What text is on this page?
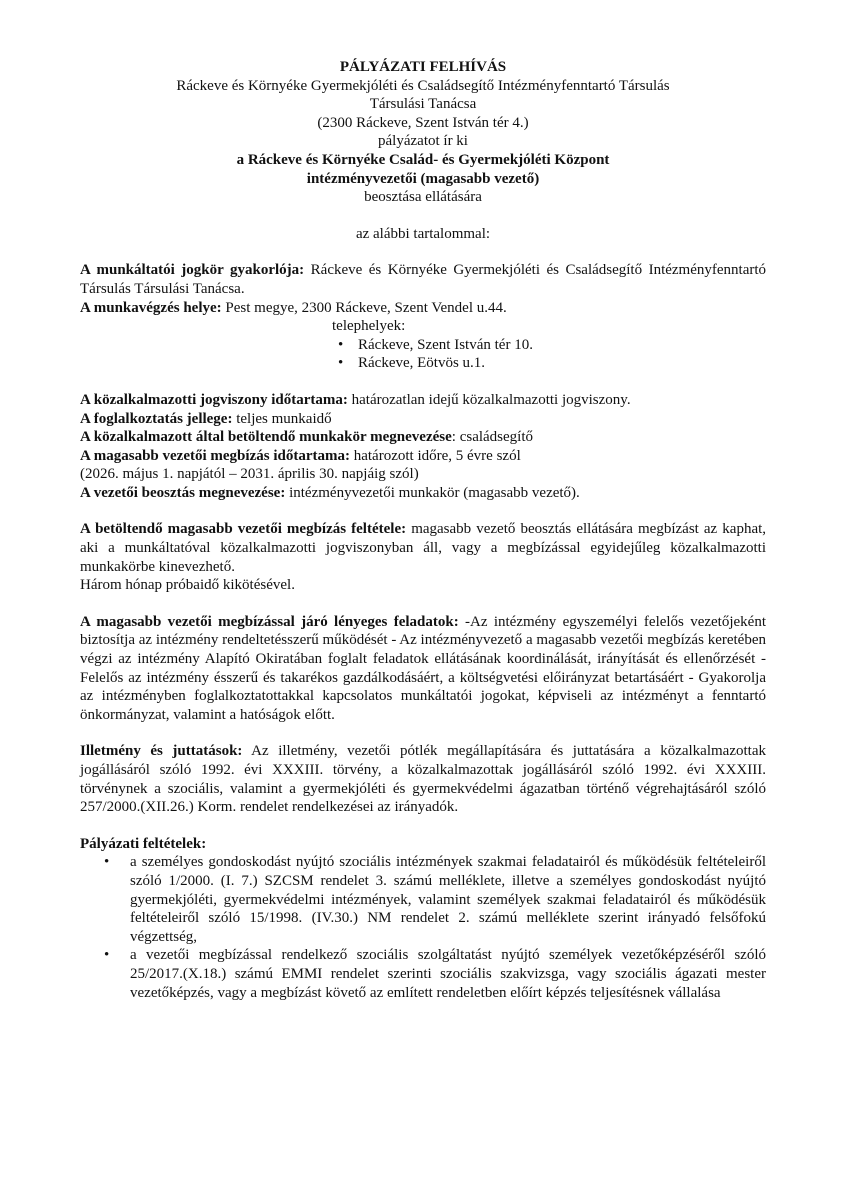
PÁLYÁZATI FELHÍVÁS

Ráckeve és Környéke Gyermekjóléti és Családsegítő Intézményfenntartó Társulás

Társulási Tanácsa

(2300 Ráckeve, Szent István tér 4.)

pályázatot ír ki

a Ráckeve és Környéke Család- és Gyermekjóléti Központ

intézményvezetői (magasabb vezető)

beosztása ellátására

az alábbi tartalommal:

A munkáltatói jogkör gyakorlója: Ráckeve és Környéke Gyermekjóléti és Családsegítő Intézményfenntartó Társulás Társulási Tanácsa.

A munkavégzés helye: Pest megye, 2300 Ráckeve, Szent Vendel u.44.

telephelyek:

• Ráckeve, Szent István tér 10.
• Ráckeve, Eötvös u.1.

A közalkalmazotti jogviszony időtartama: határozatlan idejű közalkalmazotti jogviszony.

A foglalkoztatás jellege: teljes munkaidő

A közalkalmazott által betöltendő munkakör megnevezése: családsegítő

A magasabb vezetői megbízás időtartama: határozott időre, 5 évre szól

(2026. május 1. napjától – 2031. április 30. napjáig szól)

A vezetői beosztás megnevezése: intézményvezetői munkakör (magasabb vezető).

A betöltendő magasabb vezetői megbízás feltétele: magasabb vezető beosztás ellátására megbízást az kaphat, aki a munkáltatóval közalkalmazotti jogviszonyban áll, vagy a megbízással egyidejűleg közalkalmazotti munkakörbe kinevezhető.

Három hónap próbaidő kikötésével.

A magasabb vezetői megbízással járó lényeges feladatok: -Az intézmény egyszemélyi felelős vezetőjeként biztosítja az intézmény rendeltetésszerű működését - Az intézményvezető a magasabb vezetői megbízás keretében végzi az intézmény Alapító Okiratában foglalt feladatok ellátásának koordinálását, irányítását és ellenőrzését - Felelős az intézmény ésszerű és takarékos gazdálkodásáért, a költségvetési előirányzat betartásáért - Gyakorolja az intézményben foglalkoztatottakkal kapcsolatos munkáltatói jogokat, képviseli az intézményt a fenntartó önkormányzat, valamint a hatóságok előtt.

Illetmény és juttatások: Az illetmény, vezetői pótlék megállapítására és juttatására a közalkalmazottak jogállásáról szóló 1992. évi XXXIII. törvény, a közalkalmazottak jogállásáról szóló 1992. évi XXXIII. törvénynek a szociális, valamint a gyermekjóléti és gyermekvédelmi ágazatban történő végrehajtásáról szóló 257/2000.(XII.26.) Korm. rendelet rendelkezései az irányadók.

Pályázati feltételek:

• a személyes gondoskodást nyújtó szociális intézmények szakmai feladatairól és működésük feltételeiről szóló 1/2000. (I. 7.) SZCSM rendelet 3. számú melléklete, illetve a személyes gondoskodást nyújtó gyermekjóléti, gyermekvédelmi intézmények, valamint személyek szakmai feladatairól és működésük feltételeiről szóló 15/1998. (IV.30.) NM rendelet 2. számú melléklete szerint irányadó felsőfokú végzettség,
• a vezetői megbízással rendelkező szociális szolgáltatást nyújtó személyek vezetőképzéséről szóló 25/2017.(X.18.) számú EMMI rendelet szerinti szociális szakvizsga, vagy szociális ágazati mester vezetőképzés, vagy a megbízást követő az említett rendeletben előírt képzés teljesítésnek vállalása
